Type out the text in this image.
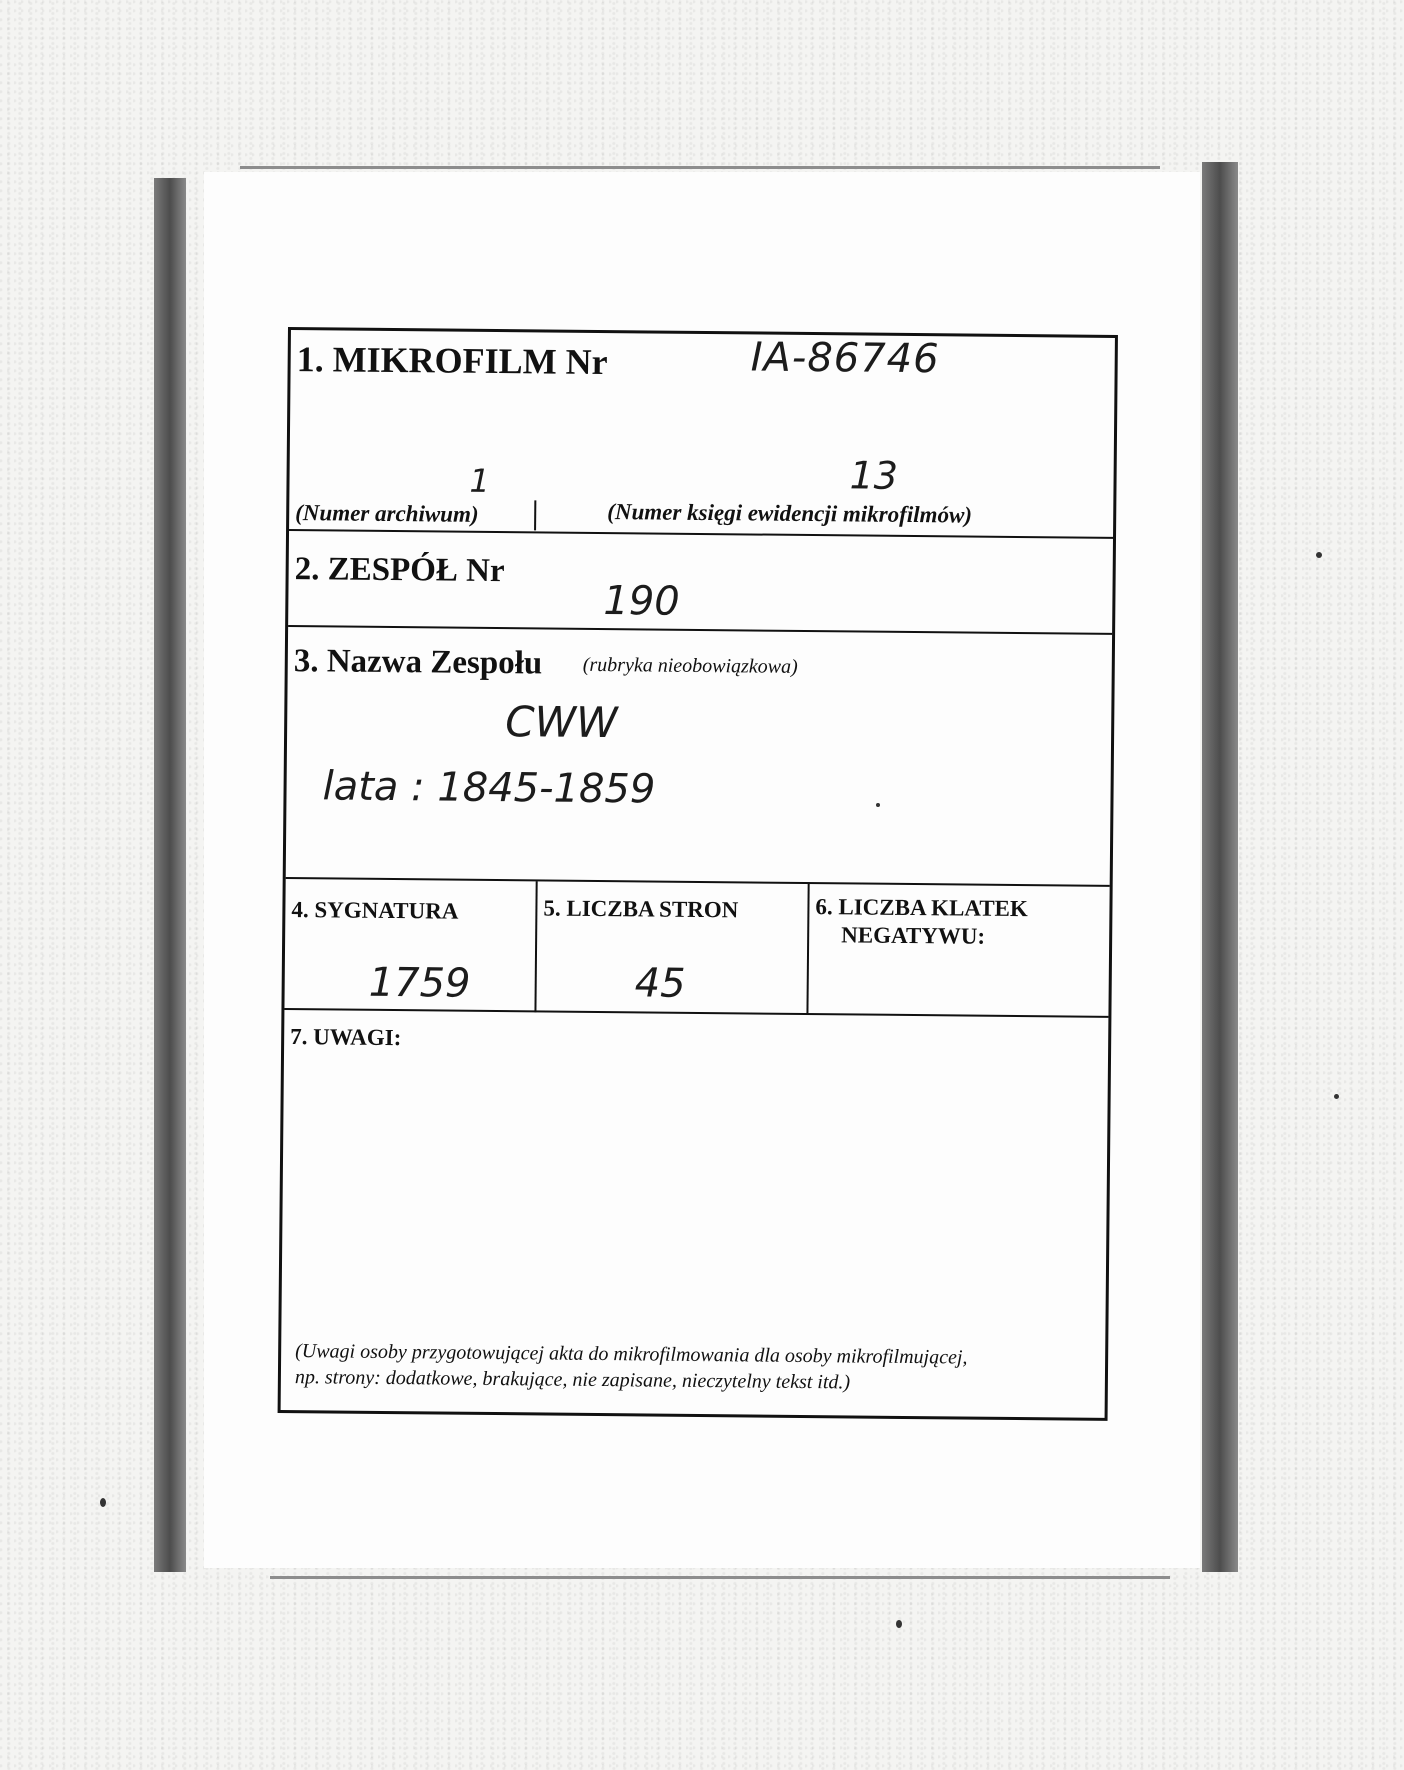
1. MIKROFILM Nr	IA-86746
1	13
(Numer archiwum)	(Numer księgi ewidencji mikrofilmów)
2. ZESPÓŁ Nr
190
3. Nazwa Zespołu (rubryka nieobowiązkowa)
CWW
lata : 1845-1859
4. SYGNATURA
1759
5. LICZBA STRON
45
6. LICZBA KLATEK
NEGATYWU:
7. UWAGI:
(Uwagi osoby przygotowującej akta do mikrofilmowania dla osoby mikrofilmującej,
np. strony: dodatkowe, brakujące, nie zapisane, nieczytelny tekst itd.)
